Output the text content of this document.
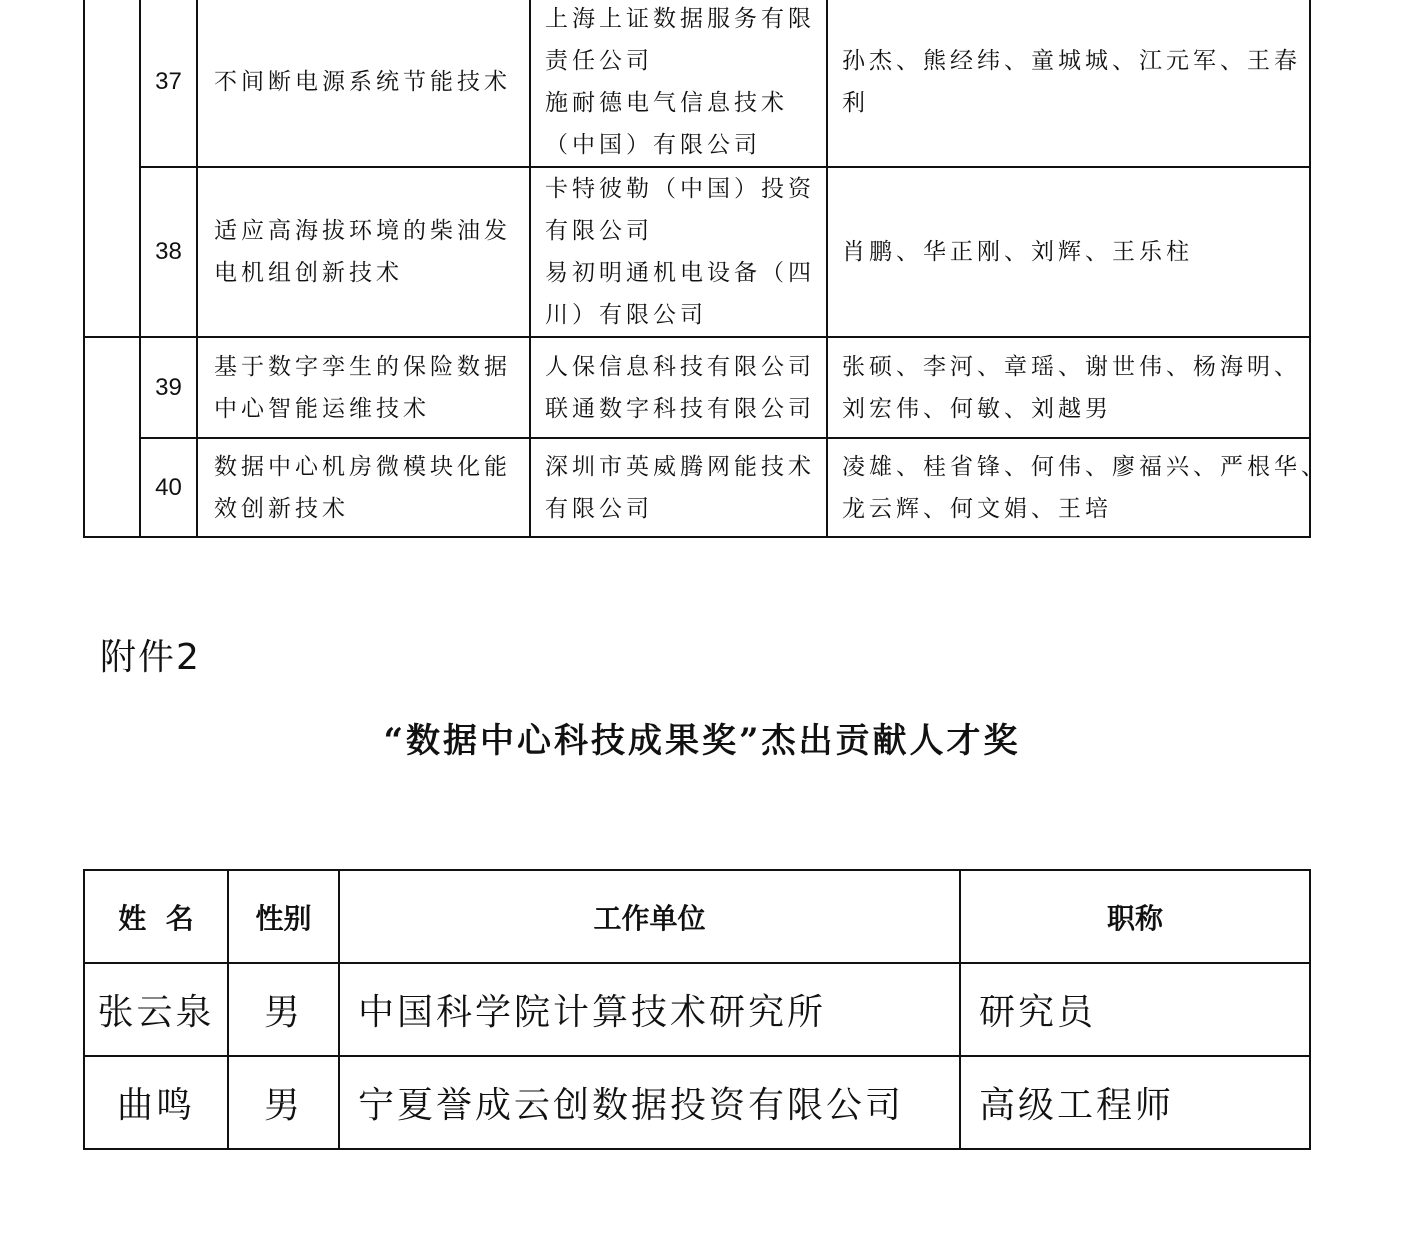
	37	不间断电源系统节能技术	上海上证数据服务有限
责任公司
施耐德电气信息技术
（中国）有限公司	孙杰、熊经纬、童城城、江元军、王春
利

	38	适应高海拔环境的柴油发
电机组创新技术	卡特彼勒（中国）投资
有限公司
易初明通机电设备（四
川）有限公司	肖鹏、华正刚、刘辉、王乐柱

	39	基于数字孪生的保险数据
中心智能运维技术	人保信息科技有限公司
联通数字科技有限公司	张硕、李河、章瑶、谢世伟、杨海明、
刘宏伟、何敏、刘越男

	40	数据中心机房微模块化能
效创新技术	深圳市英威腾网能技术
有限公司	凌雄、桂省锋、何伟、廖福兴、严根华、
龙云辉、何文娟、王培

附件2

“数据中心科技成果奖”杰出贡献人才奖
姓  名	性别	工作单位	职称
张云泉	男	中国科学院计算技术研究所	研究员
曲鸣	男	宁夏誉成云创数据投资有限公司	高级工程师
